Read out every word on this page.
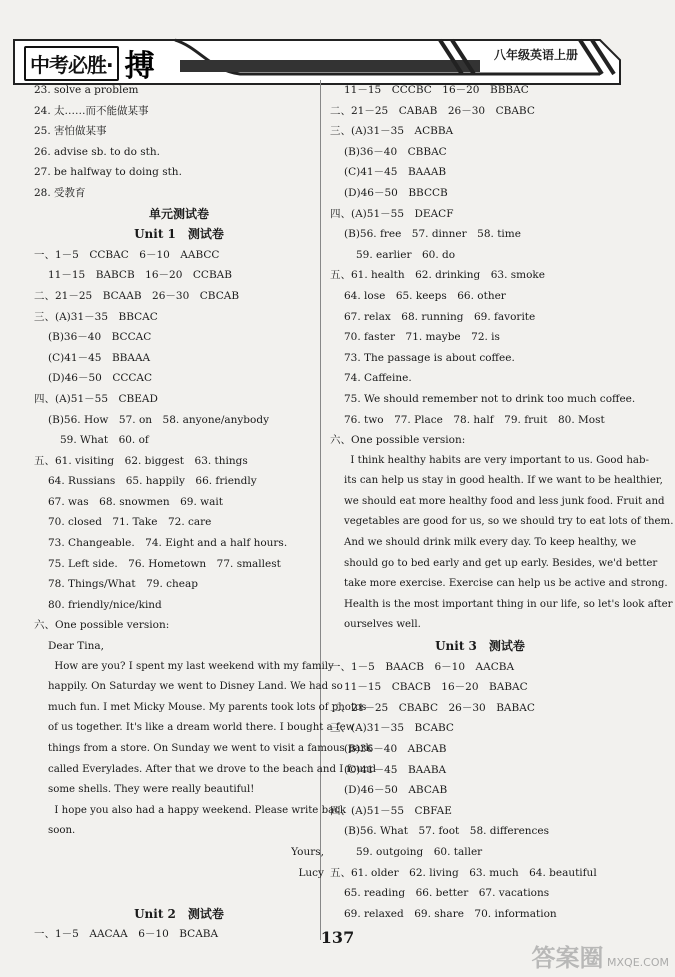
中考必胜· 搏	八年级英语上册
23. solve a problem
24. 太……而不能做某事
25. 害怕做某事
26. advise sb. to do sth.
27. be halfway to doing sth.
28. 受教育
单元测试卷
Unit 1　测试卷
一、1－5　CCBAC　6－10　AABCC
11－15　BABCB　16－20　CCBAB
二、21－25　BCAAB　26－30　CBCAB
三、(A)31－35　BBCAC
(B)36－40　BCCAC
(C)41－45　BBAAA
(D)46－50　CCCAC
四、(A)51－55　CBEAD
(B)56. How　57. on　58. anyone/anybody
59. What　60. of
五、61. visiting　62. biggest　63. things
64. Russians　65. happily　66. friendly
67. was　68. snowmen　69. wait
70. closed　71. Take　72. care
73. Changeable.　74. Eight and a half hours.
75. Left side.　76. Hometown　77. smallest
78. Things/What　79. cheap
80. friendly/nice/kind
六、One possible version:
Dear Tina,
　　How are you? I spent my last weekend with my family
happily. On Saturday we went to Disney Land. We had so
much fun. I met Micky Mouse. My parents took lots of photos
of us together. It's like a dream world there. I bought a few
things from a store. On Sunday we went to visit a famous park
called Everylades. After that we drove to the beach and I found
some shells. They were really beautiful!
　　I hope you also had a happy weekend. Please write back
soon.
Yours,
Lucy
Unit 2　测试卷
一、1－5　AACAA　6－10　BCABA
11－15　CCCBC　16－20　BBBAC
二、21－25　CABAB　26－30　CBABC
三、(A)31－35　ACBBA
(B)36－40　CBBAC
(C)41－45　BAAAB
(D)46－50　BBCCB
四、(A)51－55　DEACF
(B)56. free　57. dinner　58. time
59. earlier　60. do
五、61. health　62. drinking　63. smoke
64. lose　65. keeps　66. other
67. relax　68. running　69. favorite
70. faster　71. maybe　72. is
73. The passage is about coffee.
74. Caffeine.
75. We should remember not to drink too much coffee.
76. two　77. Place　78. half　79. fruit　80. Most
六、One possible version:
　　I think healthy habits are very important to us. Good hab-
its can help us stay in good health. If we want to be healthier,
we should eat more healthy food and less junk food. Fruit and
vegetables are good for us, so we should try to eat lots of them.
And we should drink milk every day. To keep healthy, we
should go to bed early and get up early. Besides, we'd better
take more exercise. Exercise can help us be active and strong.
Health is the most important thing in our life, so let's look after
ourselves well.
Unit 3　测试卷
一、1－5　BAACB　6－10　AACBA
11－15　CBACB　16－20　BABAC
二、21－25　CBABC　26－30　BABAC
三、(A)31－35　BCABC
(B)36－40　ABCAB
(C)41－45　BAABA
(D)46－50　ABCAB
四、(A)51－55　CBFAE
(B)56. What　57. foot　58. differences
59. outgoing　60. taller
五、61. older　62. living　63. much　64. beautiful
65. reading　66. better　67. vacations
69. relaxed　69. share　70. information
137
答案圈 MXQE.COM
